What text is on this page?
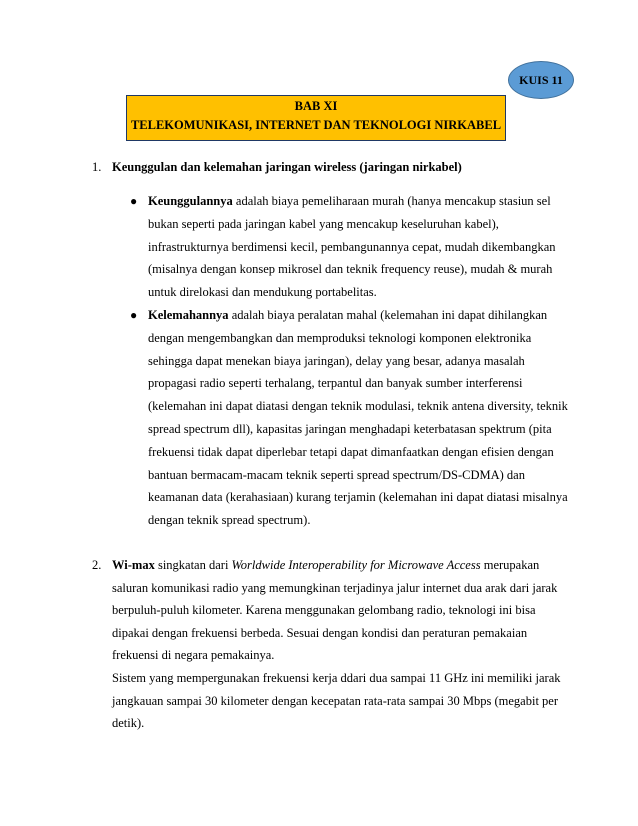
KUIS 11
BAB XI
TELEKOMUNIKASI, INTERNET DAN TEKNOLOGI NIRKABEL
1. Keunggulan dan kelemahan jaringan wireless (jaringan nirkabel)
● Keunggulannya adalah biaya pemeliharaan murah (hanya mencakup stasiun sel bukan seperti pada jaringan kabel yang mencakup keseluruhan kabel), infrastrukturnya berdimensi kecil, pembangunannya cepat, mudah dikembangkan (misalnya dengan konsep mikrosel dan teknik frequency reuse), mudah & murah untuk direlokasi dan mendukung portabelitas.
● Kelemahannya adalah biaya peralatan mahal (kelemahan ini dapat dihilangkan dengan mengembangkan dan memproduksi teknologi komponen elektronika sehingga dapat menekan biaya jaringan), delay yang besar, adanya masalah propagasi radio seperti terhalang, terpantul dan banyak sumber interferensi (kelemahan ini dapat diatasi dengan teknik modulasi, teknik antena diversity, teknik spread spectrum dll), kapasitas jaringan menghadapi keterbatasan spektrum (pita frekuensi tidak dapat diperlebar tetapi dapat dimanfaatkan dengan efisien dengan bantuan bermacam-macam teknik seperti spread spectrum/DS-CDMA) dan keamanan data (kerahasiaan) kurang terjamin (kelemahan ini dapat diatasi misalnya dengan teknik spread spectrum).
2. Wi-max singkatan dari Worldwide Interoperability for Microwave Access merupakan saluran komunikasi radio yang memungkinan terjadinya jalur internet dua arak dari jarak berpuluh-puluh kilometer. Karena menggunakan gelombang radio, teknologi ini bisa dipakai dengan frekuensi berbeda. Sesuai dengan kondisi dan peraturan pemakaian frekuensi di negara pemakainya.
Sistem yang mempergunakan frekuensi kerja ddari dua sampai 11 GHz ini memiliki jarak jangkauan sampai 30 kilometer dengan kecepatan rata-rata sampai 30 Mbps (megabit per detik).
